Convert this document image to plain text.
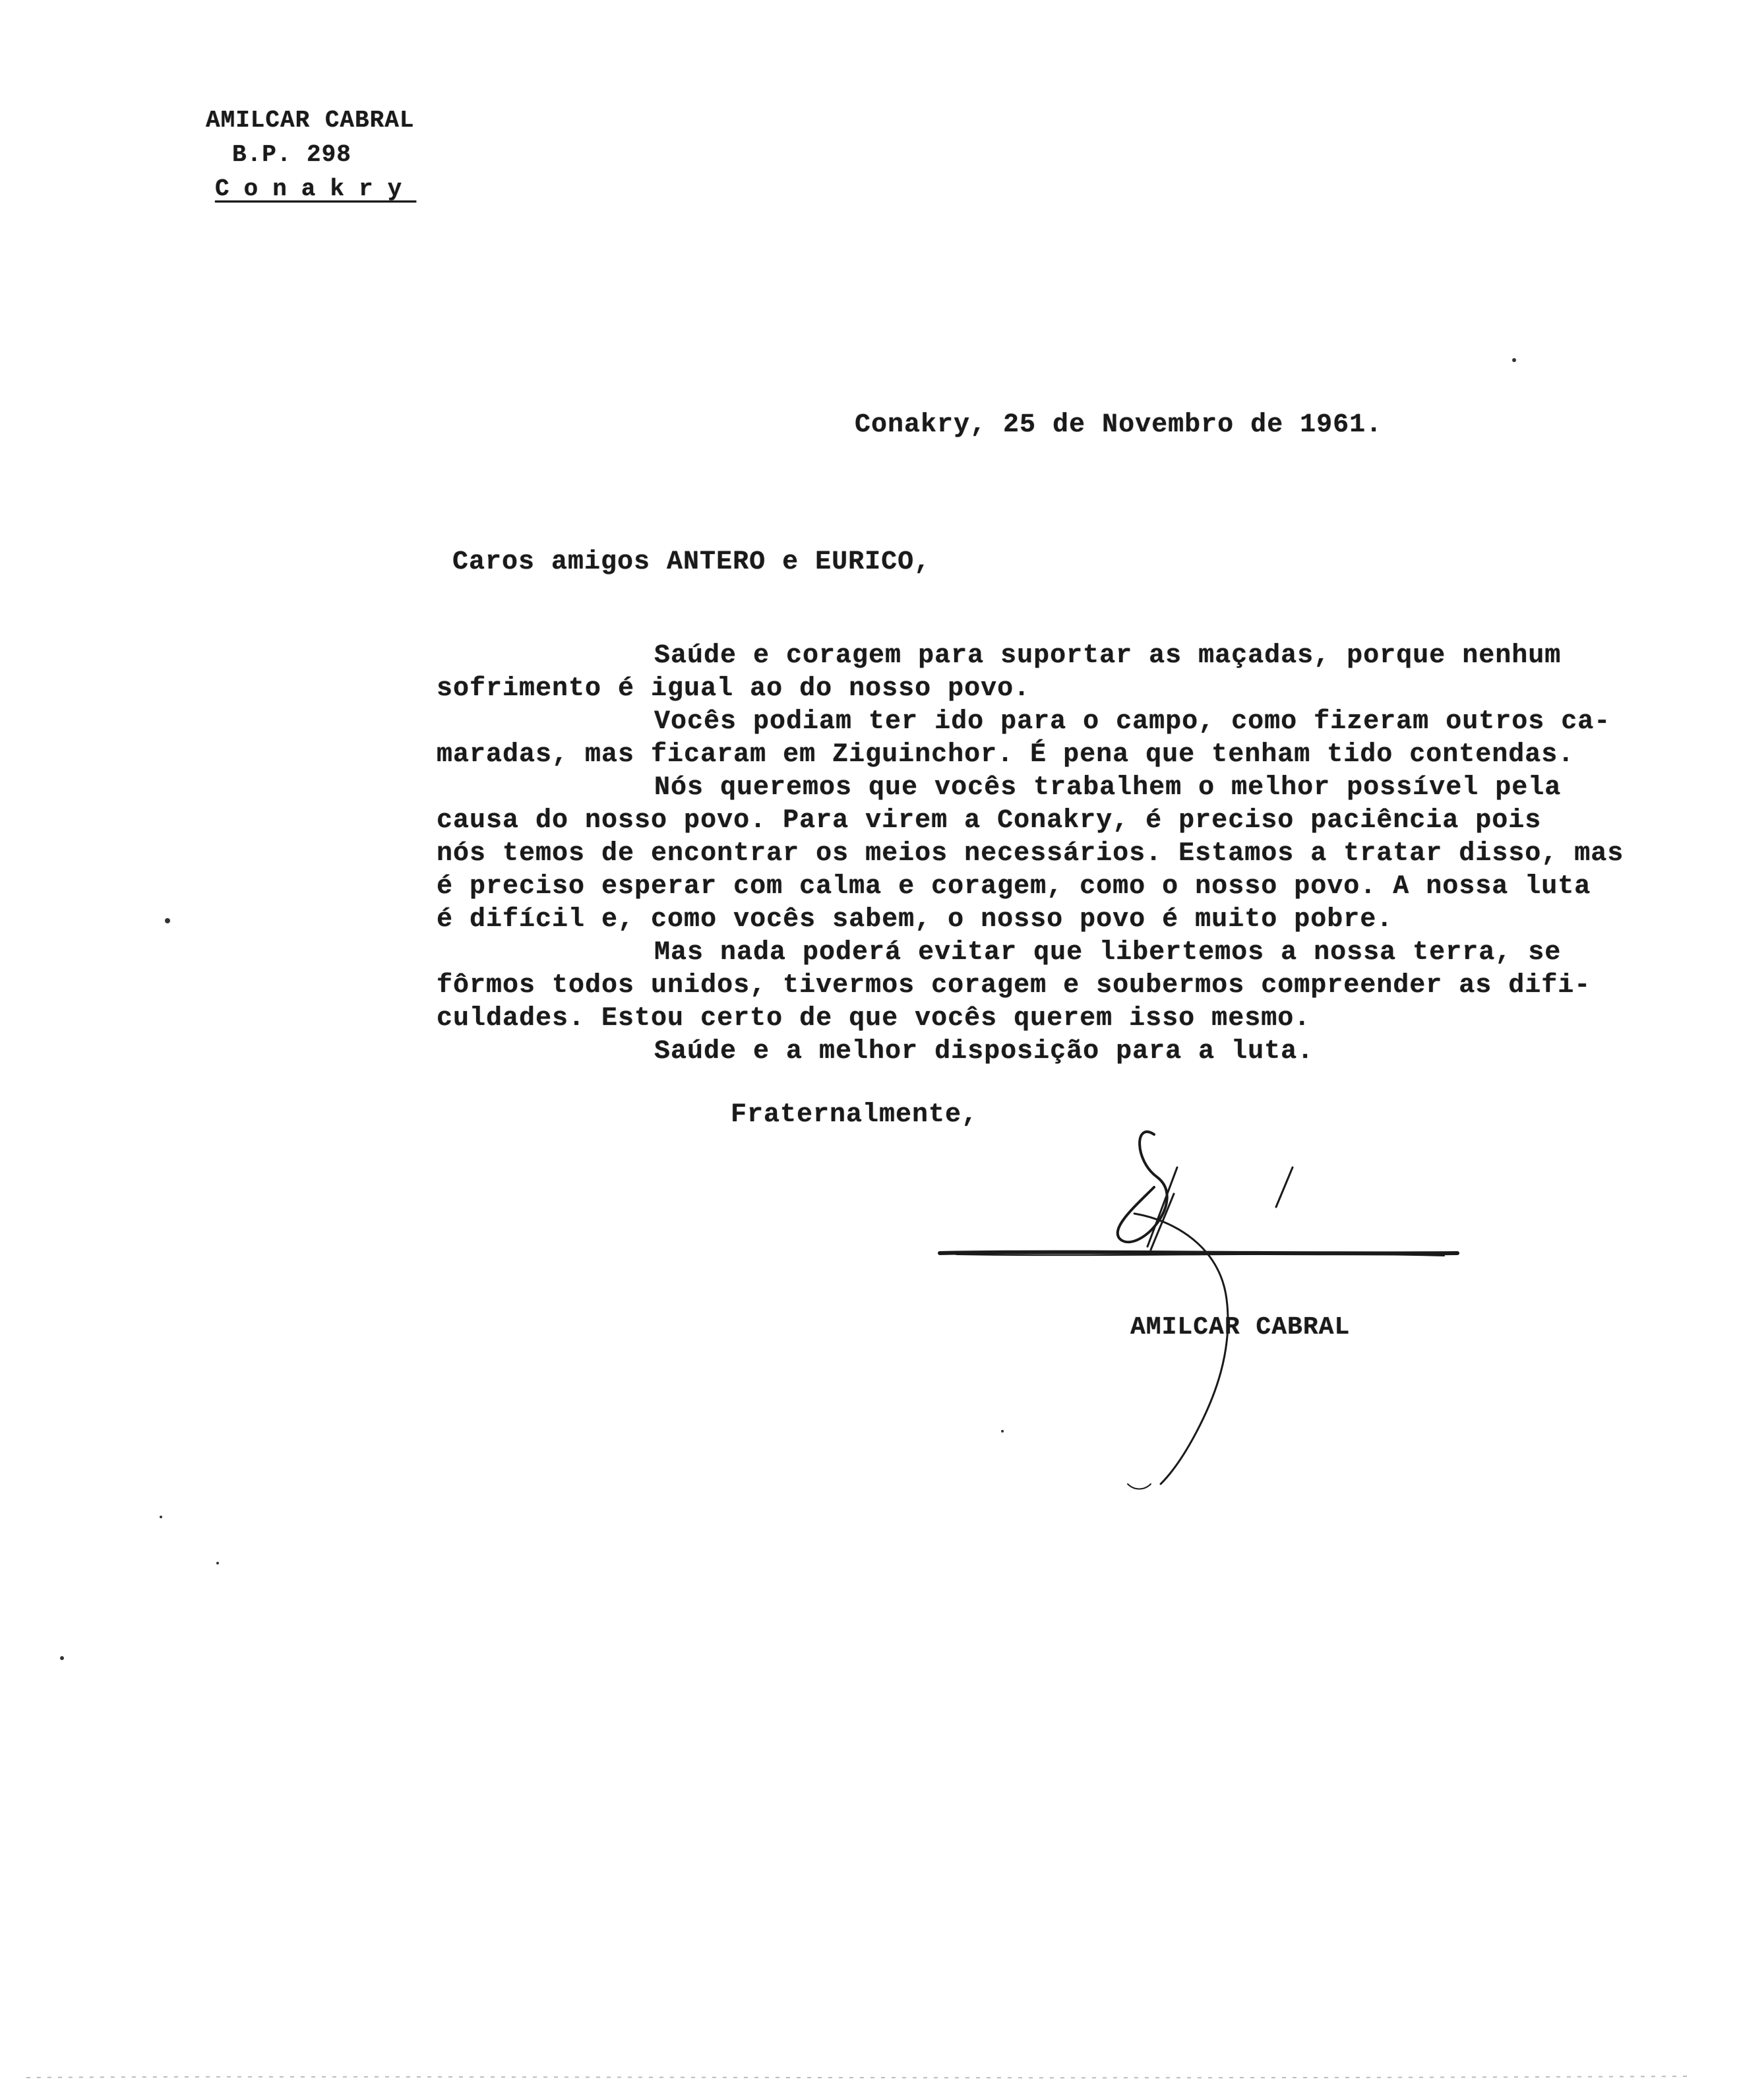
AMILCAR CABRAL
B.P. 298
Conakry
Conakry, 25 de Novembro de 1961.
Caros amigos ANTERO e EURICO,
Saúde e coragem para suportar as maçadas, porque nenhum
sofrimento é igual ao do nosso povo.
Vocês podiam ter ido para o campo, como fizeram outros ca-
maradas, mas ficaram em Ziguinchor. É pena que tenham tido contendas.
Nós queremos que vocês trabalhem o melhor possível pela
causa do nosso povo. Para virem a Conakry, é preciso paciência pois
nós temos de encontrar os meios necessários. Estamos a tratar disso, mas
é preciso esperar com calma e coragem, como o nosso povo. A nossa luta
é difícil e, como vocês sabem, o nosso povo é muito pobre.
Mas nada poderá evitar que libertemos a nossa terra, se
fôrmos todos unidos, tivermos coragem e soubermos compreender as difi-
culdades. Estou certo de que vocês querem isso mesmo.
Saúde e a melhor disposição para a luta.
Fraternalmente,
AMILCAR CABRAL
